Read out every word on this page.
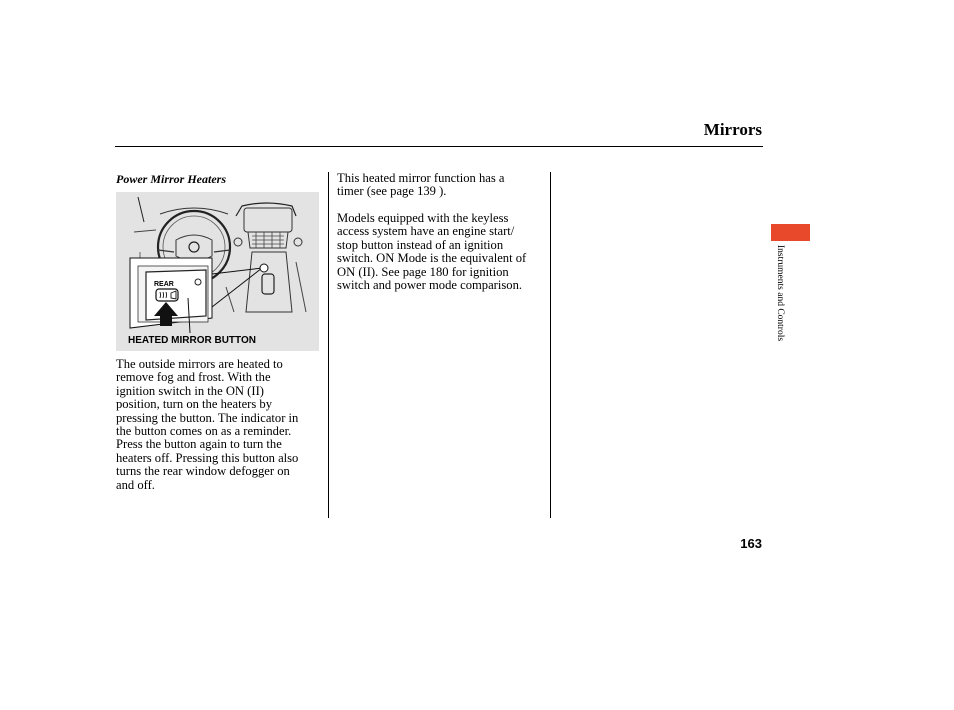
Mirrors
Power Mirror Heaters
REAR
HEATED MIRROR BUTTON

The outside mirrors are heated to
remove fog and frost. With the
ignition switch in the ON (II)
position, turn on the heaters by
pressing the button. The indicator in
the button comes on as a reminder.
Press the button again to turn the
heaters off. Pressing this button also
turns the rear window defogger on
and off.

This heated mirror function has a
timer (see page 139 ).

Models equipped with the keyless
access system have an engine start/
stop button instead of an ignition
switch. ON Mode is the equivalent of
ON (II). See page 180 for ignition
switch and power mode comparison.	Instruments and Controls
163
